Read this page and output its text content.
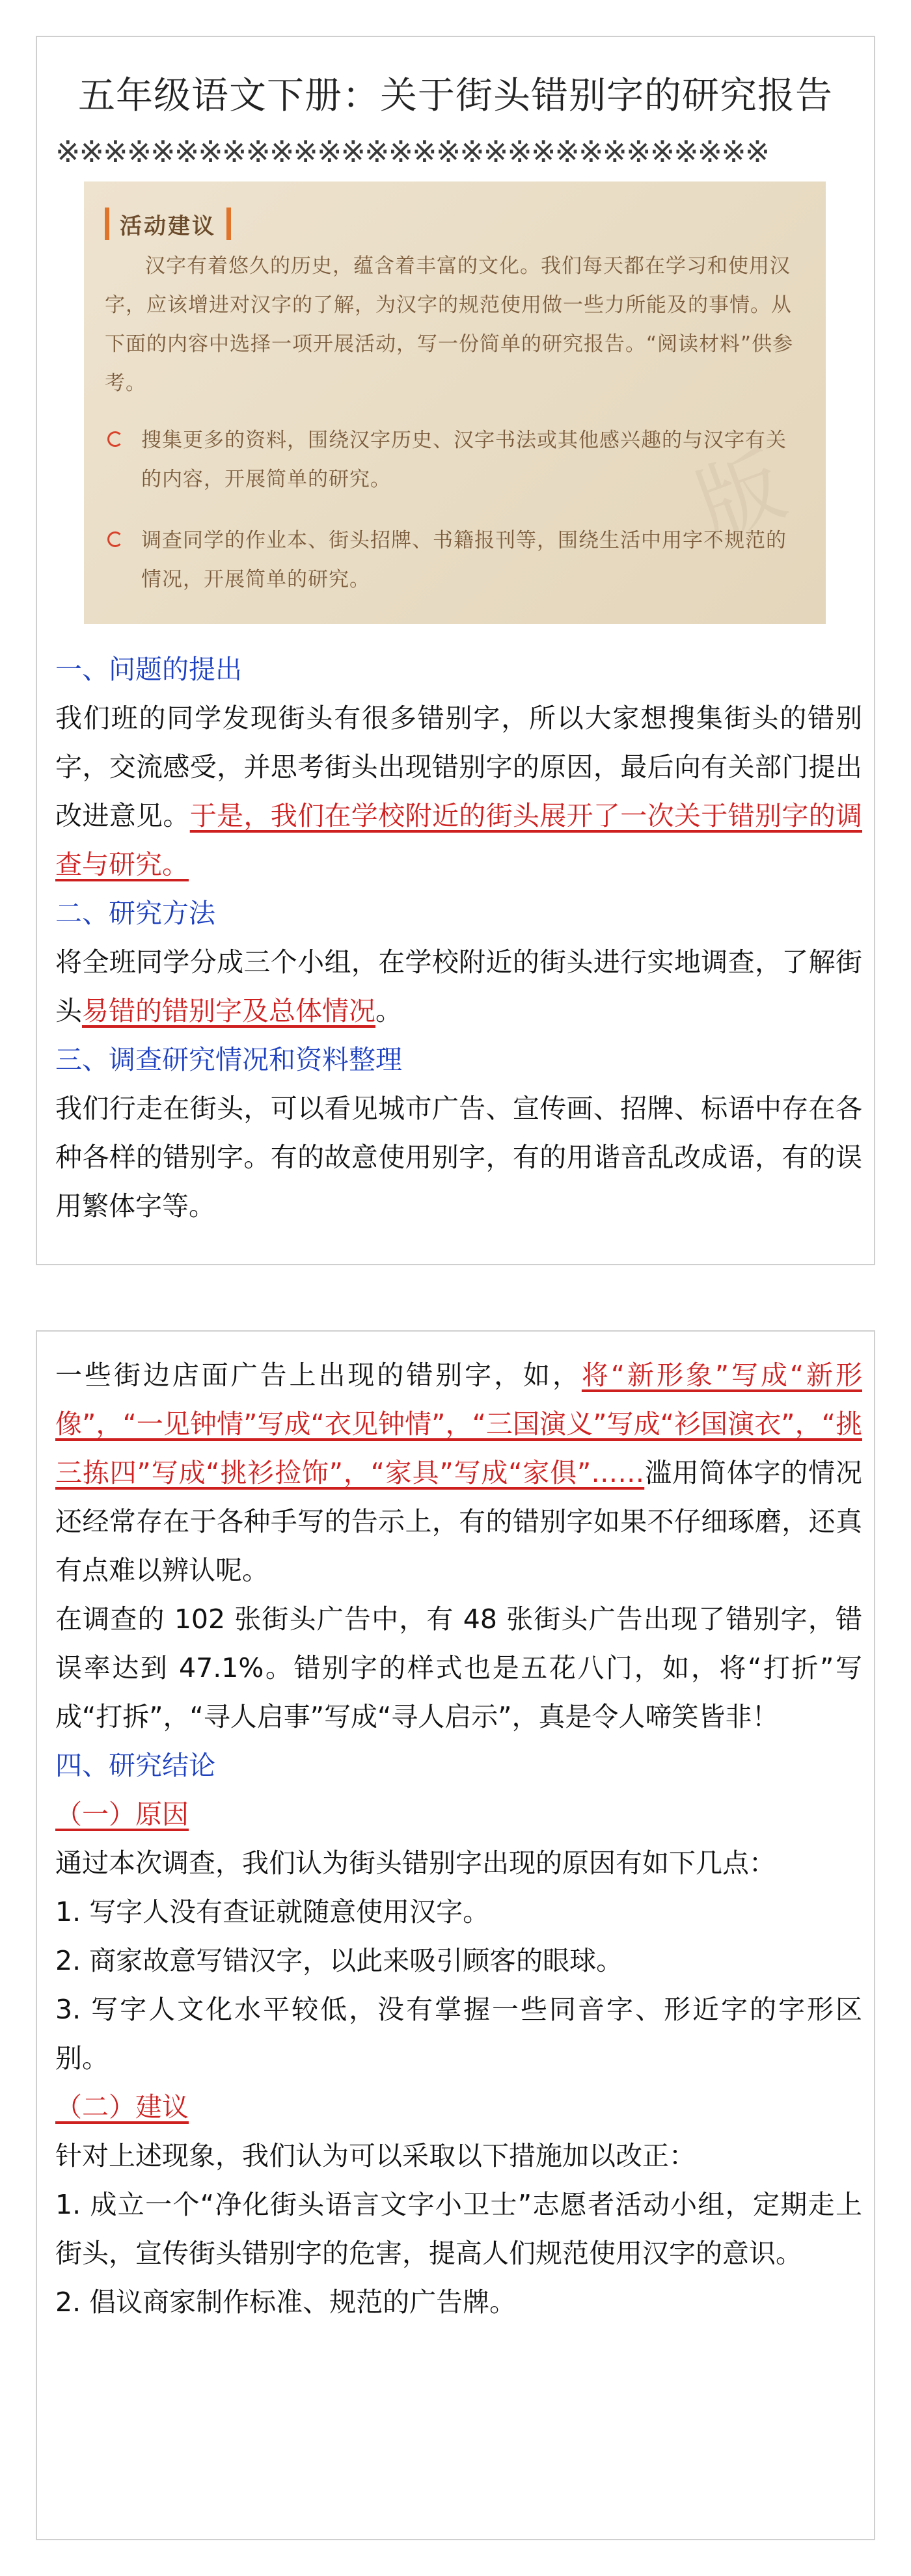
五年级语文下册：关于街头错别字的研究报告
※※※※※※※※※※※※※※※※※※※※※※※※※※※※※※
活动建议
汉字有着悠久的历史，蕴含着丰富的文化。我们每天都在学习和使用汉字，应该增进对汉字的了解，为汉字的规范使用做一些力所能及的事情。从下面的内容中选择一项开展活动，写一份简单的研究报告。“阅读材料”供参考。
搜集更多的资料，围绕汉字历史、汉字书法或其他感兴趣的与汉字有关的内容，开展简单的研究。
调查同学的作业本、街头招牌、书籍报刊等，围绕生活中用字不规范的情况，开展简单的研究。
版

一、问题的提出

我们班的同学发现街头有很多错别字，所以大家想搜集街头的错别字，交流感受，并思考街头出现错别字的原因，最后向有关部门提出改进意见。于是，我们在学校附近的街头展开了一次关于错别字的调查与研究。

二、研究方法

将全班同学分成三个小组，在学校附近的街头进行实地调查，了解街头易错的错别字及总体情况。

三、调查研究情况和资料整理

我们行走在街头，可以看见城市广告、宣传画、招牌、标语中存在各种各样的错别字。有的故意使用别字，有的用谐音乱改成语，有的误用繁体字等。

一些街边店面广告上出现的错别字，如，将“新形象”写成“新形像”，“一见钟情”写成“衣见钟情”，“三国演义”写成“衫国演衣”，“挑三拣四”写成“挑衫捡饰”，“家具”写成“家俱”……滥用简体字的情况还经常存在于各种手写的告示上，有的错别字如果不仔细琢磨，还真有点难以辨认呢。

在调查的 102 张街头广告中，有 48 张街头广告出现了错别字，错误率达到 47.1%。错别字的样式也是五花八门，如，将“打折”写成“打拆”，“寻人启事”写成“寻人启示”，真是令人啼笑皆非！

四、研究结论

（一）原因

通过本次调查，我们认为街头错别字出现的原因有如下几点：

1. 写字人没有查证就随意使用汉字。

2. 商家故意写错汉字，以此来吸引顾客的眼球。

3. 写字人文化水平较低，没有掌握一些同音字、形近字的字形区别。

（二）建议

针对上述现象，我们认为可以采取以下措施加以改正：

1. 成立一个“净化街头语言文字小卫士”志愿者活动小组，定期走上街头，宣传街头错别字的危害，提高人们规范使用汉字的意识。

2. 倡议商家制作标准、规范的广告牌。
